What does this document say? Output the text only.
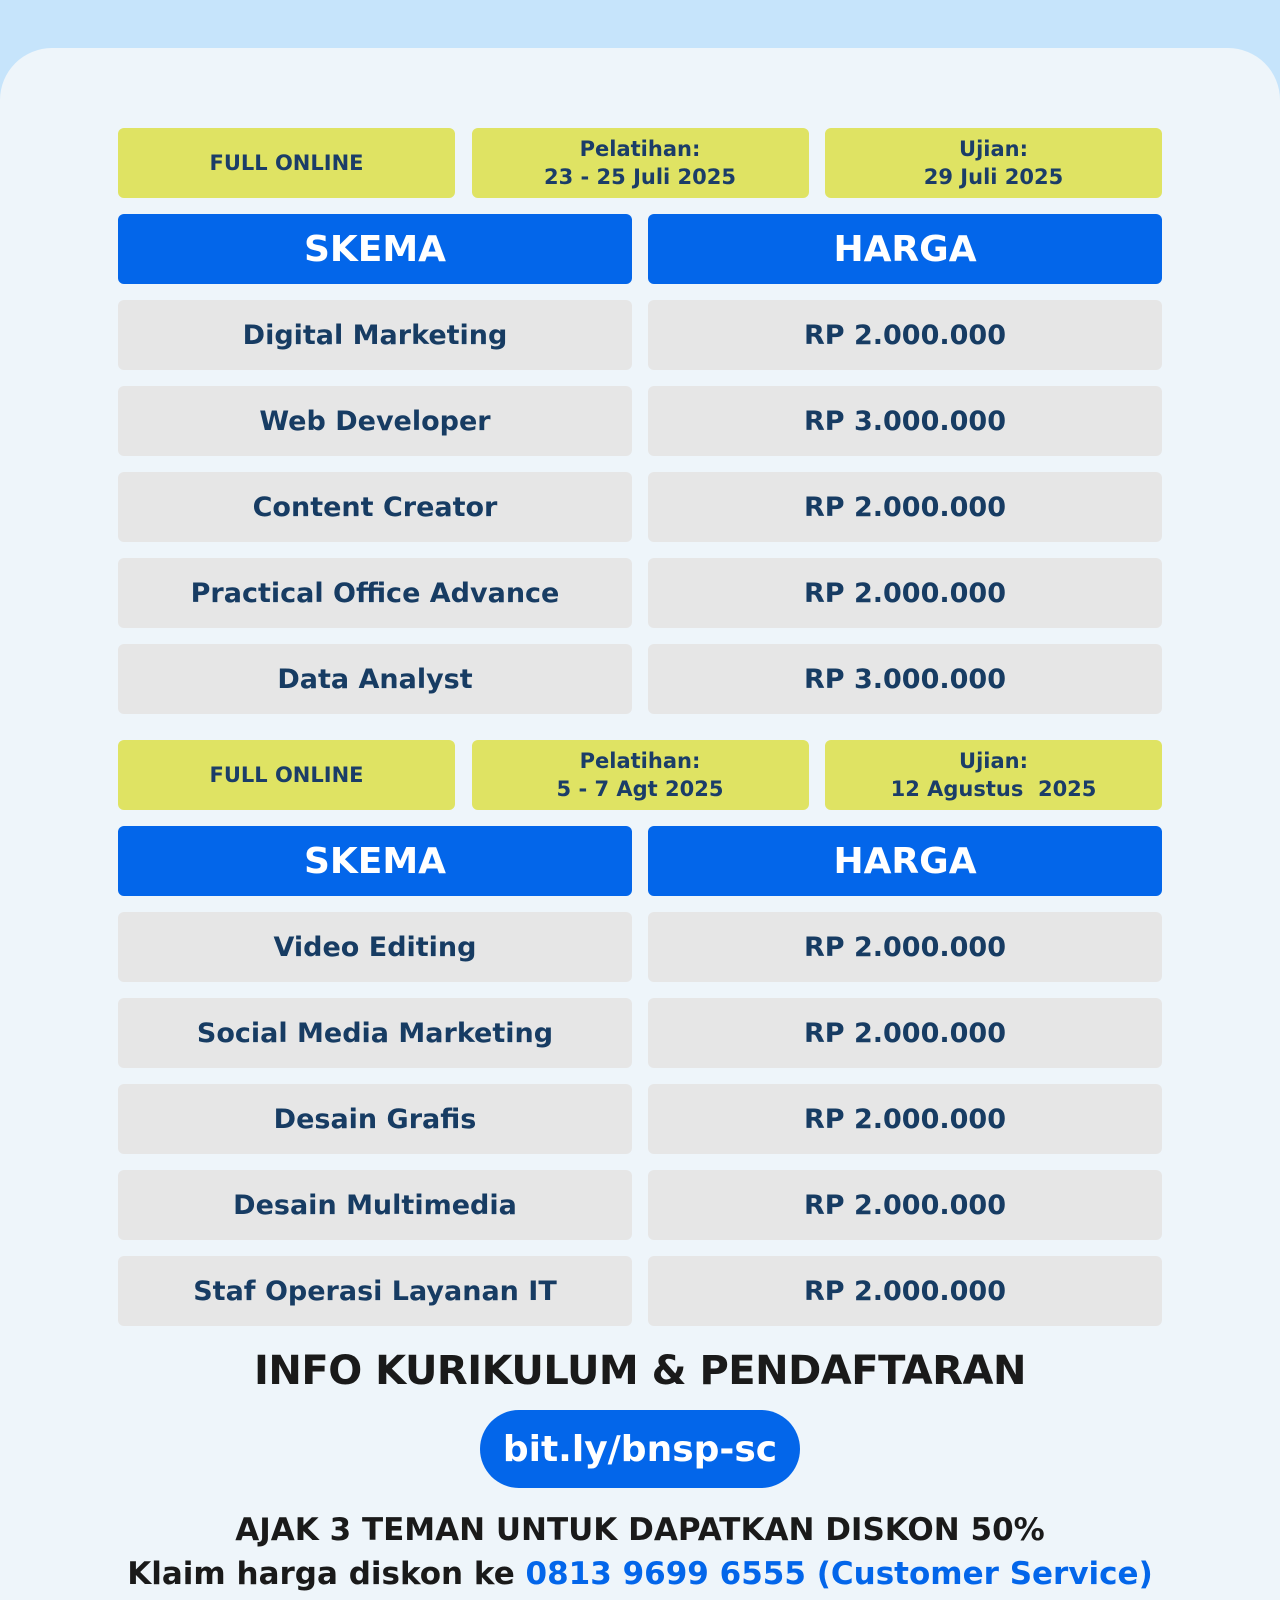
FULL ONLINE
Pelatihan:
23 - 25 Juli 2025
Ujian:
29 Juli 2025
SKEMA	HARGA
Digital Marketing	RP 2.000.000
Web Developer	RP 3.000.000
Content Creator	RP 2.000.000
Practical Office Advance	RP 2.000.000
Data Analyst	RP 3.000.000
FULL ONLINE
Pelatihan:
5 - 7 Agt 2025
Ujian:
12 Agustus  2025
SKEMA	HARGA
Video Editing	RP 2.000.000
Social Media Marketing	RP 2.000.000
Desain Grafis	RP 2.000.000
Desain Multimedia	RP 2.000.000
Staf Operasi Layanan IT	RP 2.000.000
INFO KURIKULUM & PENDAFTARAN
bit.ly/bnsp-sc
AJAK 3 TEMAN UNTUK DAPATKAN DISKON 50%
Klaim harga diskon ke 0813 9699 6555 (Customer Service)
